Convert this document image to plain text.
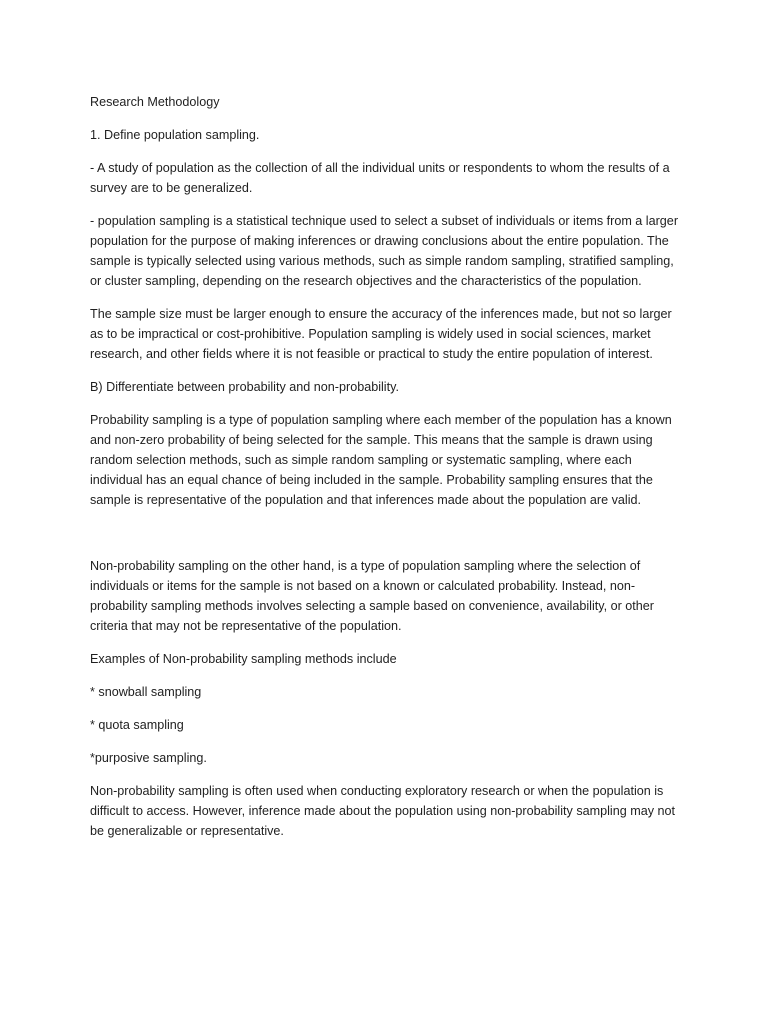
Research Methodology

1. Define population sampling.

- A study of population as the collection of all the individual units or respondents to whom the results of a survey are to be generalized.

- population sampling is a statistical technique used to select a subset of individuals or items from a larger population for the purpose of making inferences or drawing conclusions about the entire population. The sample is typically selected using various methods, such as simple random sampling, stratified sampling, or cluster sampling, depending on the research objectives and the characteristics of the population.

The sample size must be larger enough to ensure the accuracy of the inferences made, but not so larger as to be impractical or cost-prohibitive. Population sampling is widely used in social sciences, market research, and other fields where it is not feasible or practical to study the entire population of interest.

B) Differentiate between probability and non-probability.

Probability sampling is a type of population sampling where each member of the population has a known and non-zero probability of being selected for the sample. This means that the sample is drawn using random selection methods, such as simple random sampling or systematic sampling, where each individual has an equal chance of being included in the sample. Probability sampling ensures that the sample is representative of the population and that inferences made about the population are valid.

Non-probability sampling on the other hand, is a type of population sampling where the selection of individuals or items for the sample is not based on a known or calculated probability. Instead, non-probability sampling methods involves selecting a sample based on convenience, availability, or other criteria that may not be representative of the population.

Examples of Non-probability sampling methods include

* snowball sampling

* quota sampling

*purposive sampling.

Non-probability sampling is often used when conducting exploratory research or when the population is difficult to access. However, inference made about the population using non-probability sampling may not be generalizable or representative.
